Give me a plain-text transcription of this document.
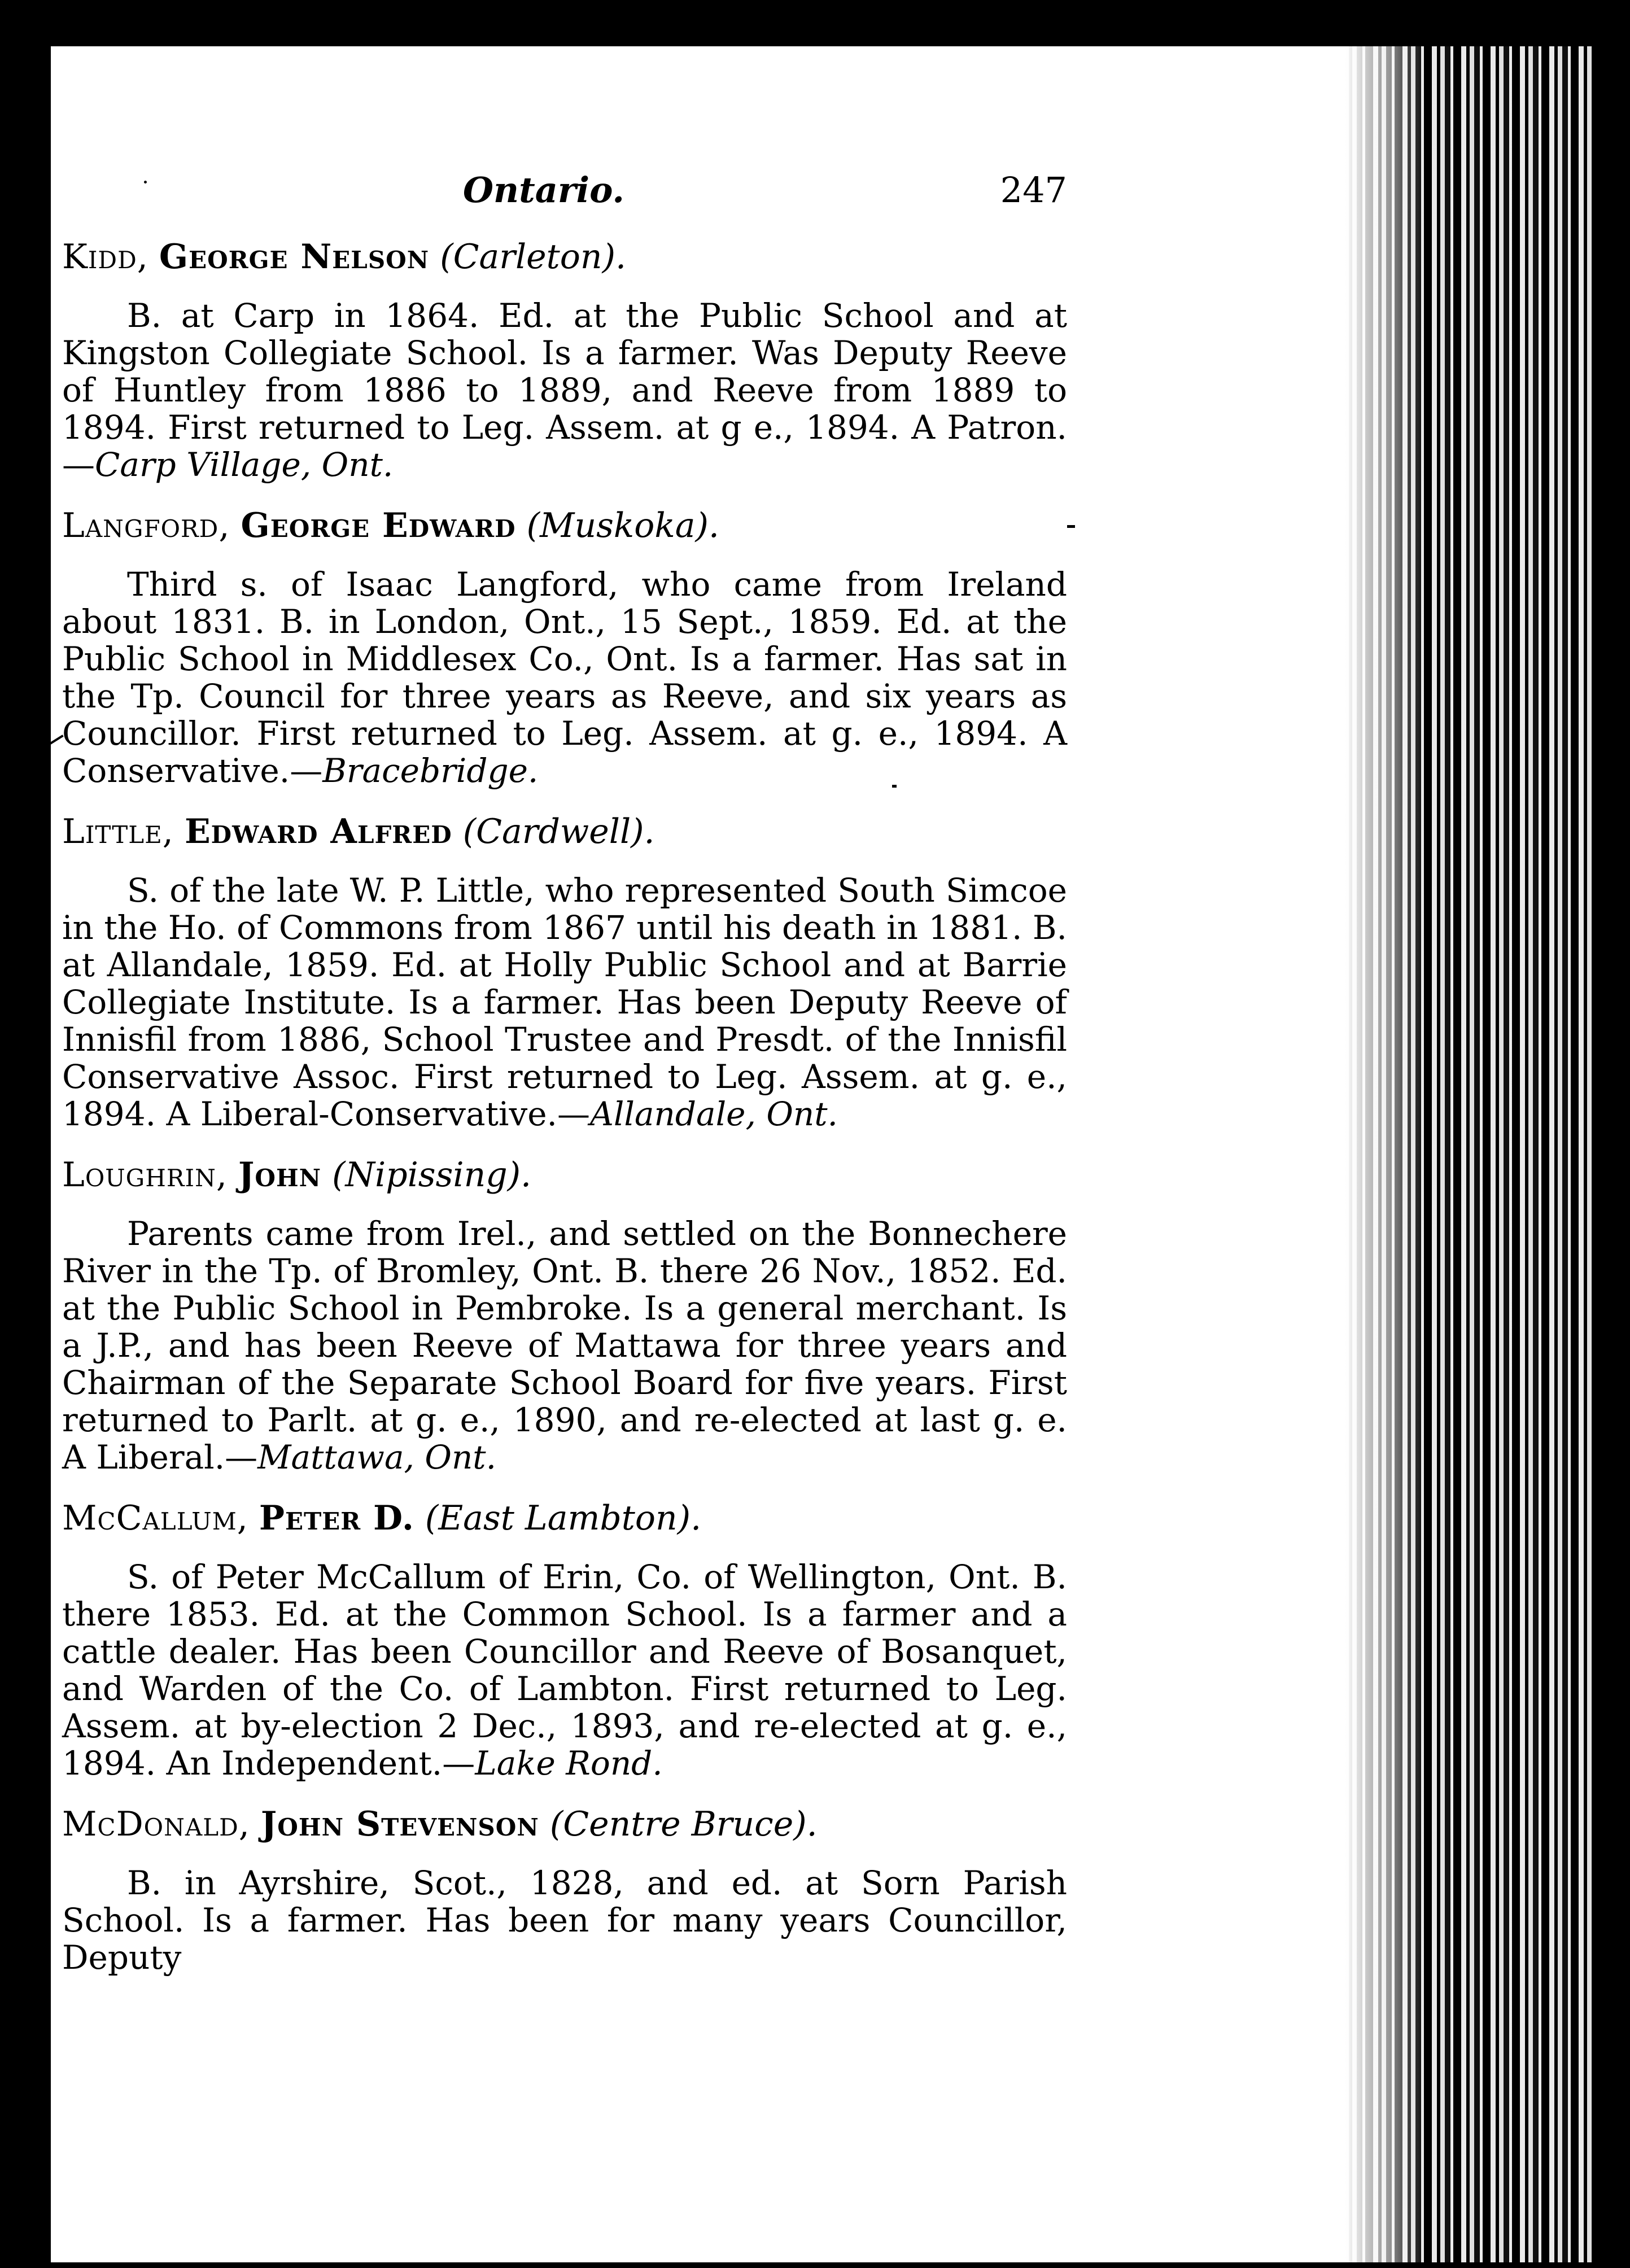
Ontario.	247

Kidd, George Nelson (Carleton).

B. at Carp in 1864. Ed. at the Public School and at Kingston Collegiate School. Is a farmer. Was Deputy Reeve of Huntley from 1886 to 1889, and Reeve from 1889 to 1894. First returned to Leg. Assem. at g e., 1894. A Patron.—Carp Village, Ont.

Langford, George Edward (Muskoka).

Third s. of Isaac Langford, who came from Ireland about 1831. B. in London, Ont., 15 Sept., 1859. Ed. at the Public School in Middlesex Co., Ont. Is a farmer. Has sat in the Tp. Council for three years as Reeve, and six years as Councillor. First returned to Leg. Assem. at g. e., 1894. A Conservative.—Bracebridge.

Little, Edward Alfred (Cardwell).

S. of the late W. P. Little, who represented South Simcoe in the Ho. of Commons from 1867 until his death in 1881. B. at Allandale, 1859. Ed. at Holly Public School and at Barrie Collegiate Institute. Is a farmer. Has been Deputy Reeve of Innisfil from 1886, School Trustee and Presdt. of the Innisfil Conservative Assoc. First returned to Leg. Assem. at g. e., 1894. A Liberal-Conservative.—Allandale, Ont.

Loughrin, John (Nipissing).

Parents came from Irel., and settled on the Bonnechere River in the Tp. of Bromley, Ont. B. there 26 Nov., 1852. Ed. at the Public School in Pembroke. Is a general merchant. Is a J.P., and has been Reeve of Mattawa for three years and Chairman of the Separate School Board for five years. First returned to Parlt. at g. e., 1890, and re-elected at last g. e. A Liberal.—Mattawa, Ont.

McCallum, Peter D. (East Lambton).

S. of Peter McCallum of Erin, Co. of Wellington, Ont. B. there 1853. Ed. at the Common School. Is a farmer and a cattle dealer. Has been Councillor and Reeve of Bosanquet, and Warden of the Co. of Lambton. First returned to Leg. Assem. at by-election 2 Dec., 1893, and re-elected at g. e., 1894. An Independent.—Lake Rond.

McDonald, John Stevenson (Centre Bruce).

B. in Ayrshire, Scot., 1828, and ed. at Sorn Parish School. Is a farmer. Has been for many years Councillor, Deputy
